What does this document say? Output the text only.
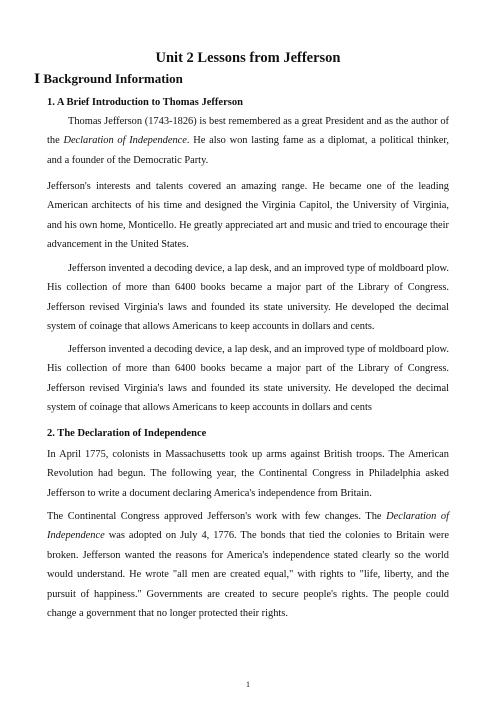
Unit 2 Lessons from Jefferson
Ⅰ Background Information
1. A Brief Introduction to Thomas Jefferson

Thomas Jefferson (1743-1826) is best remembered as a great President and as the author of the Declaration of Independence. He also won lasting fame as a diplomat, a political thinker, and a founder of the Democratic Party.

Jefferson's interests and talents covered an amazing range. He became one of the leading American architects of his time and designed the Virginia Capitol, the University of Virginia, and his own home, Monticello. He greatly appreciated art and music and tried to encourage their advancement in the United States.

Jefferson invented a decoding device, a lap desk, and an improved type of moldboard plow. His collection of more than 6400 books became a major part of the Library of Congress. Jefferson revised Virginia's laws and founded its state university. He developed the decimal system of coinage that allows Americans to keep accounts in dollars and cents.

Jefferson invented a decoding device, a lap desk, and an improved type of moldboard plow. His collection of more than 6400 books became a major part of the Library of Congress. Jefferson revised Virginia's laws and founded its state university. He developed the decimal system of coinage that allows Americans to keep accounts in dollars and cents

2. The Declaration of Independence

In April 1775, colonists in Massachusetts took up arms against British troops. The American Revolution had begun. The following year, the Continental Congress in Philadelphia asked Jefferson to write a document declaring America's independence from Britain.

The Continental Congress approved Jefferson's work with few changes. The Declaration of Independence was adopted on July 4, 1776. The bonds that tied the colonies to Britain were broken. Jefferson wanted the reasons for America's independence stated clearly so the world would understand. He wrote "all men are created equal," with rights to "life, liberty, and the pursuit of happiness." Governments are created to secure people's rights. The people could change a government that no longer protected their rights.

1
